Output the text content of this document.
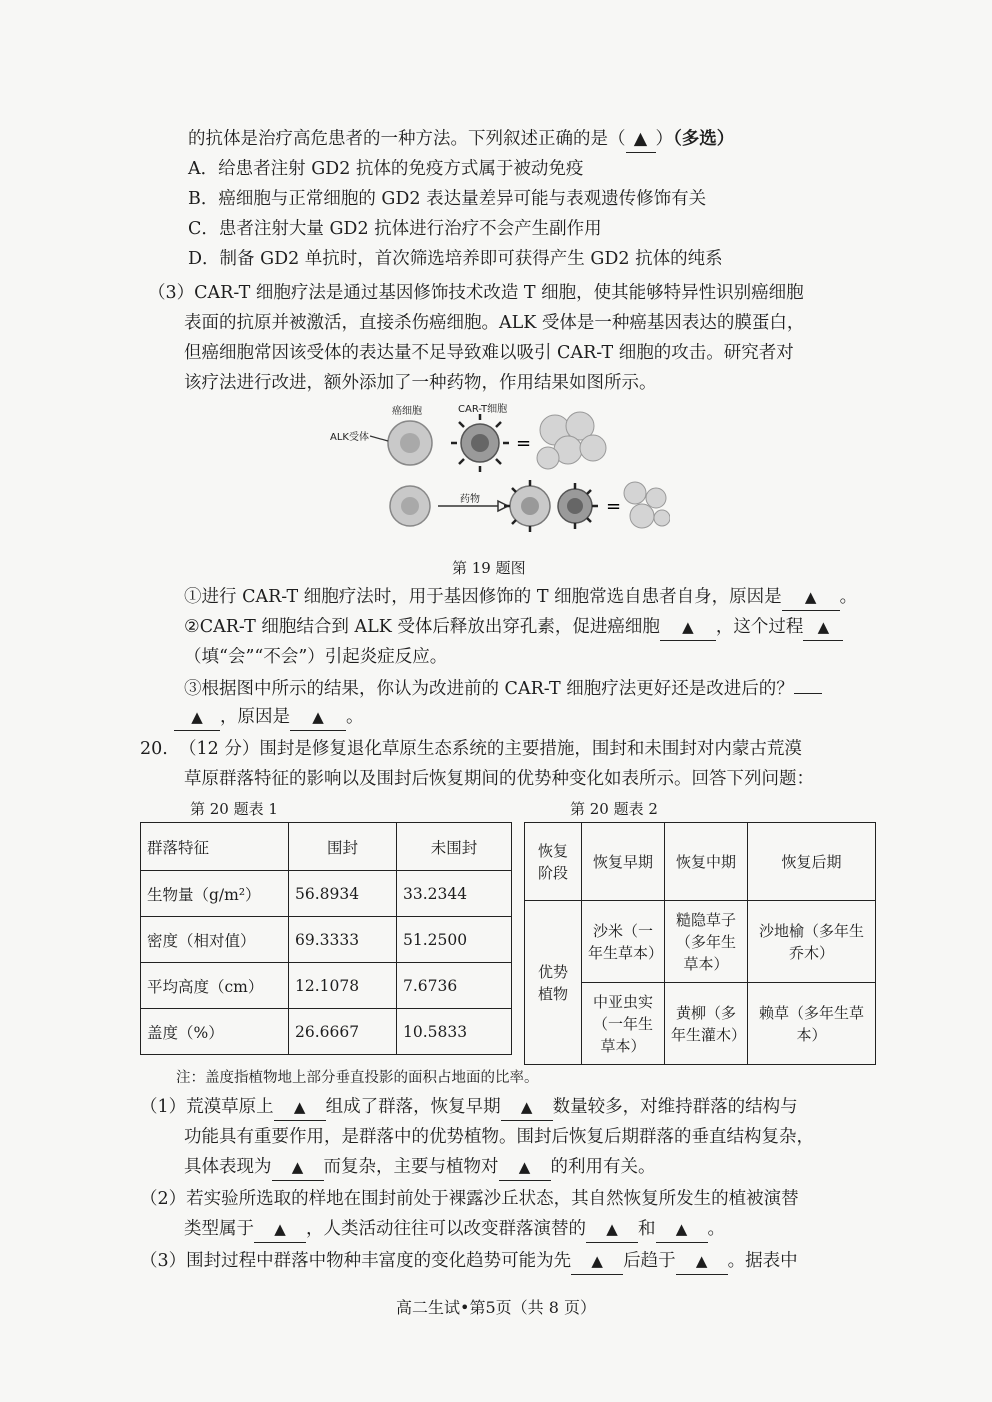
的抗体是治疗高危患者的一种方法。下列叙述正确的是（ ▲ ）（多选）
A．给患者注射 GD2 抗体的免疫方式属于被动免疫
B．癌细胞与正常细胞的 GD2 表达量差异可能与表观遗传修饰有关
C．患者注射大量 GD2 抗体进行治疗不会产生副作用
D．制备 GD2 单抗时，首次筛选培养即可获得产生 GD2 抗体的纯系
（3）CAR-T 细胞疗法是通过基因修饰技术改造 T 细胞，使其能够特异性识别癌细胞
表面的抗原并被激活，直接杀伤癌细胞。ALK 受体是一种癌基因表达的膜蛋白，
但癌细胞常因该受体的表达量不足导致难以吸引 CAR-T 细胞的攻击。研究者对
该疗法进行改进，额外添加了一种药物，作用结果如图所示。
=
=
癌细胞	CAR-T细胞
ALK受体
药物
第 19 题图
①进行 CAR-T 细胞疗法时，用于基因修饰的 T 细胞常选自患者自身，原因是 ▲ 。
②CAR-T 细胞结合到 ALK 受体后释放出穿孔素，促进癌细胞 ▲ ，这个过程 ▲
（填“会”“不会”）引起炎症反应。
③根据图中所示的结果，你认为改进前的 CAR-T 细胞疗法更好还是改进后的？
▲ ，原因是 ▲ 。
20. （12 分）围封是修复退化草原生态系统的主要措施，围封和未围封对内蒙古荒漠
草原群落特征的影响以及围封后恢复期间的优势种变化如表所示。回答下列问题：
第 20 题表 1	第 20 题表 2
群落特征	围封	未围封
生物量（g/m²）	56.8934	33.2344
密度（相对值）	69.3333	51.2500
平均高度（cm）	12.1078	7.6736
盖度（%）	26.6667	10.5833
恢复阶段	恢复早期	恢复中期	恢复后期
优势植物	沙米（一年生草本）	糙隐草子（多年生草本）	沙地榆（多年生乔木）
	中亚虫实（一年生草本）	黄柳（多年生灌木）	赖草（多年生草本）
注：盖度指植物地上部分垂直投影的面积占地面的比率。
（1）荒漠草原上 ▲ 组成了群落，恢复早期 ▲ 数量较多，对维持群落的结构与
功能具有重要作用，是群落中的优势植物。围封后恢复后期群落的垂直结构复杂，
具体表现为 ▲ 而复杂，主要与植物对 ▲ 的利用有关。
（2）若实验所选取的样地在围封前处于裸露沙丘状态，其自然恢复所发生的植被演替
类型属于 ▲ ，人类活动往往可以改变群落演替的 ▲ 和 ▲ 。
（3）围封过程中群落中物种丰富度的变化趋势可能为先 ▲ 后趋于 ▲ 。据表中
高二生试•第5页（共 8 页）
